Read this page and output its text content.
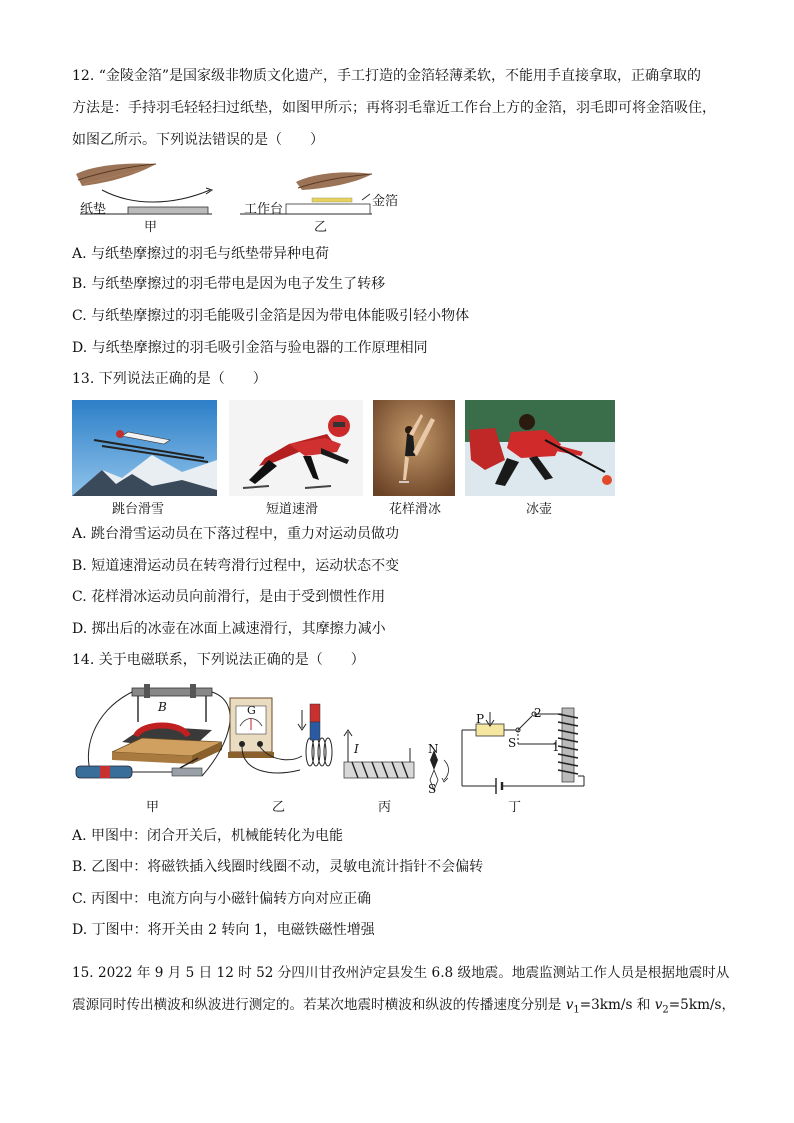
12. “金陵金箔”是国家级非物质文化遗产，手工打造的金箔轻薄柔软，不能用手直接拿取，正确拿取的
方法是：手持羽毛轻轻扫过纸垫，如图甲所示；再将羽毛靠近工作台上方的金箔，羽毛即可将金箔吸住，
如图乙所示。下列说法错误的是（　　）
纸垫
甲
工作台
金箔
乙
A. 与纸垫摩擦过的羽毛与纸垫带异种电荷
B. 与纸垫摩擦过的羽毛带电是因为电子发生了转移
C. 与纸垫摩擦过的羽毛能吸引金箔是因为带电体能吸引轻小物体
D. 与纸垫摩擦过的羽毛吸引金箔与验电器的工作原理相同
13. 下列说法正确的是（　　）
跳台滑雪	短道速滑	花样滑冰	冰壶
A. 跳台滑雪运动员在下落过程中，重力对运动员做功
B. 短道速滑运动员在转弯滑行过程中，运动状态不变
C. 花样滑冰运动员向前滑行，是由于受到惯性作用
D. 掷出后的冰壶在冰面上减速滑行，其摩擦力减小
14. 关于电磁联系，下列说法正确的是（　　）
B	G
I	N
S
P
S
2
1
甲	乙	丙	丁
A. 甲图中：闭合开关后，机械能转化为电能
B. 乙图中：将磁铁插入线圈时线圈不动，灵敏电流计指针不会偏转
C. 丙图中：电流方向与小磁针偏转方向对应正确
D. 丁图中：将开关由 2 转向 1，电磁铁磁性增强
15. 2022 年 9 月 5 日 12 时 52 分四川甘孜州泸定县发生 6.8 级地震。地震监测站工作人员是根据地震时从
震源同时传出横波和纵波进行测定的。若某次地震时横波和纵波的传播速度分别是 $v_1=3km/s$ 和 $v_2=5km/s$，
